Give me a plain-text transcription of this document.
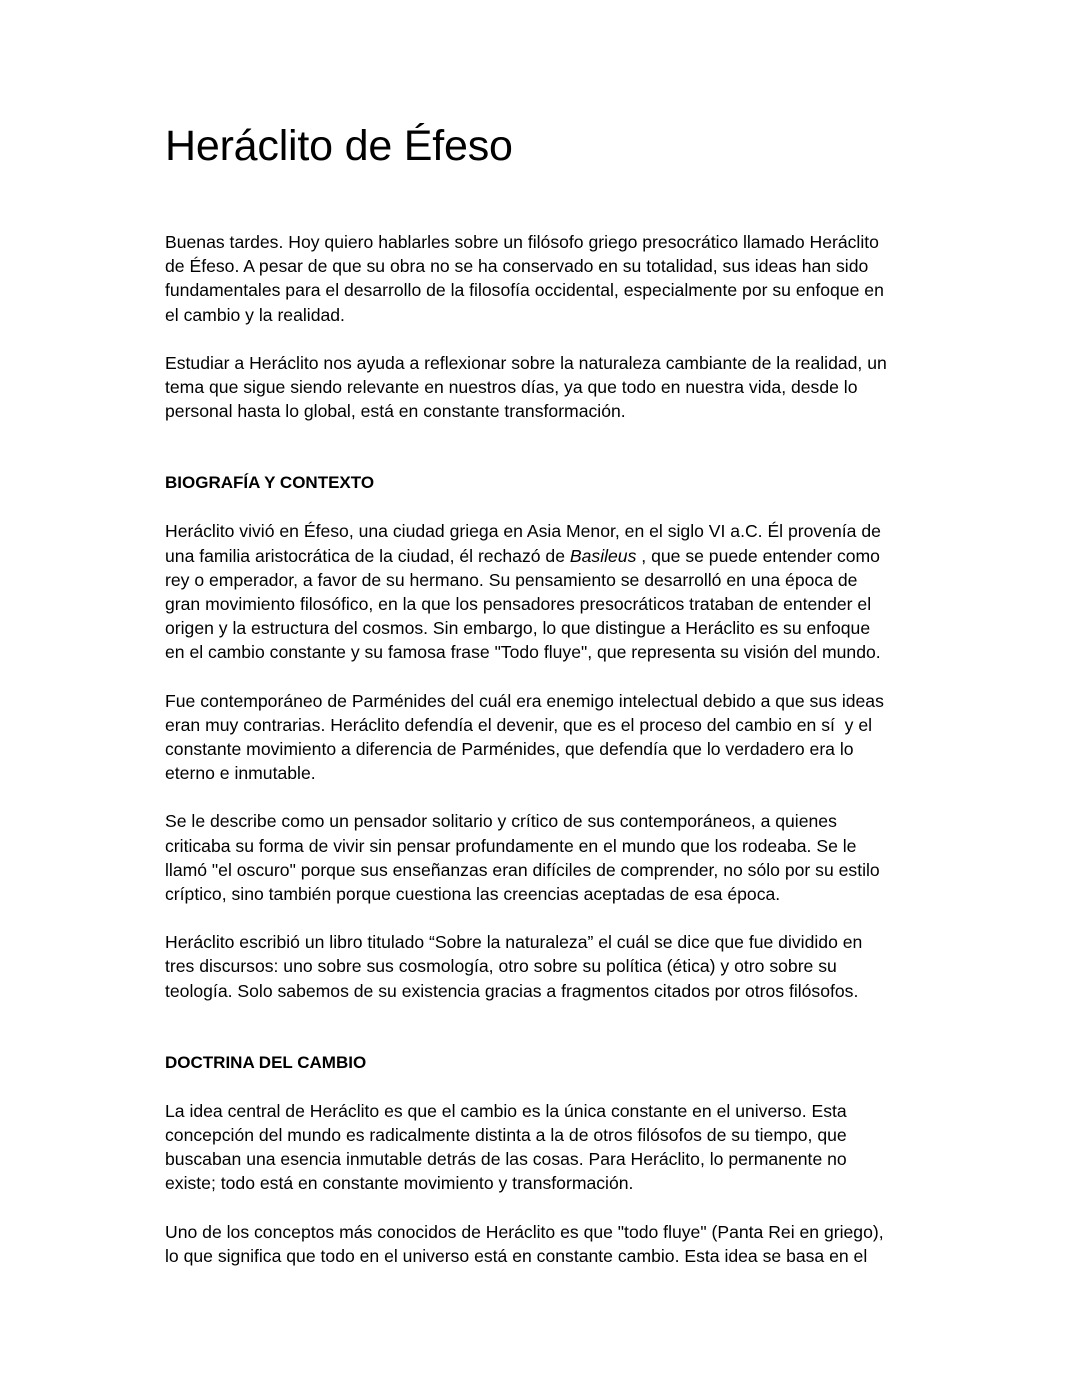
Heráclito de Éfeso

Buenas tardes. Hoy quiero hablarles sobre un filósofo griego presocrático llamado Heráclito
de Éfeso. A pesar de que su obra no se ha conservado en su totalidad, sus ideas han sido
fundamentales para el desarrollo de la filosofía occidental, especialmente por su enfoque en
el cambio y la realidad.

Estudiar a Heráclito nos ayuda a reflexionar sobre la naturaleza cambiante de la realidad, un
tema que sigue siendo relevante en nuestros días, ya que todo en nuestra vida, desde lo
personal hasta lo global, está en constante transformación.

BIOGRAFÍA Y CONTEXTO

Heráclito vivió en Éfeso, una ciudad griega en Asia Menor, en el siglo VI a.C. Él provenía de
una familia aristocrática de la ciudad, él rechazó de Basileus , que se puede entender como
rey o emperador, a favor de su hermano. Su pensamiento se desarrolló en una época de
gran movimiento filosófico, en la que los pensadores presocráticos trataban de entender el
origen y la estructura del cosmos. Sin embargo, lo que distingue a Heráclito es su enfoque
en el cambio constante y su famosa frase "Todo fluye", que representa su visión del mundo.

Fue contemporáneo de Parménides del cuál era enemigo intelectual debido a que sus ideas
eran muy contrarias. Heráclito defendía el devenir, que es el proceso del cambio en sí  y el
constante movimiento a diferencia de Parménides, que defendía que lo verdadero era lo
eterno e inmutable.

Se le describe como un pensador solitario y crítico de sus contemporáneos, a quienes
criticaba su forma de vivir sin pensar profundamente en el mundo que los rodeaba. Se le
llamó "el oscuro" porque sus enseñanzas eran difíciles de comprender, no sólo por su estilo
críptico, sino también porque cuestiona las creencias aceptadas de esa época.

Heráclito escribió un libro titulado “Sobre la naturaleza” el cuál se dice que fue dividido en
tres discursos: uno sobre sus cosmología, otro sobre su política (ética) y otro sobre su
teología. Solo sabemos de su existencia gracias a fragmentos citados por otros filósofos.

DOCTRINA DEL CAMBIO

La idea central de Heráclito es que el cambio es la única constante en el universo. Esta
concepción del mundo es radicalmente distinta a la de otros filósofos de su tiempo, que
buscaban una esencia inmutable detrás de las cosas. Para Heráclito, lo permanente no
existe; todo está en constante movimiento y transformación.

Uno de los conceptos más conocidos de Heráclito es que "todo fluye" (Panta Rei en griego),
lo que significa que todo en el universo está en constante cambio. Esta idea se basa en el
